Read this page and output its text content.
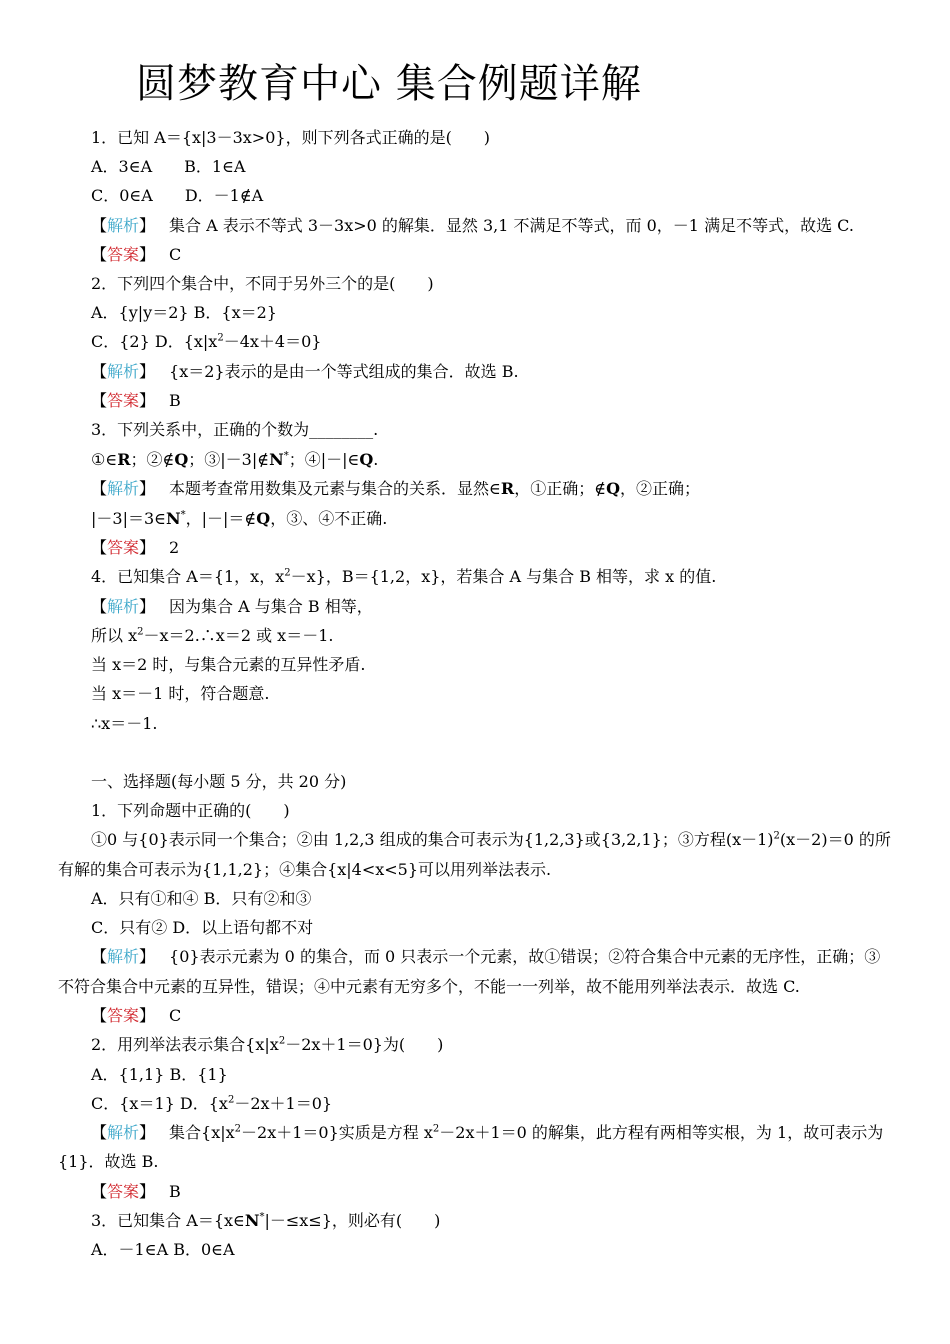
圆梦教育中心 集合例题详解
1．已知 A＝{x|3－3x>0}，则下列各式正确的是(　　)
A．3∈A　　B．1∈A
C．0∈A　　D．－1∉A
【解析】 集合 A 表示不等式 3－3x>0 的解集．显然 3,1 不满足不等式，而 0，－1 满足不等式，故选 C.
【答案】 C
2．下列四个集合中，不同于另外三个的是(　　)
A．{y|y＝2} B．{x＝2}
C．{2} D．$\{x|x^2-4x+4=0\}$
【解析】 {x＝2}表示的是由一个等式组成的集合．故选 B.
【答案】 B
3．下列关系中，正确的个数为________.
①∈R；②∉Q；③|－3|∉N*；④|－|∈Q.
【解析】 本题考查常用数集及元素与集合的关系．显然∈R，①正确；∉Q，②正确；
|－3|＝3∈N*，|－|＝∉Q，③、④不正确.
【答案】 2
4．已知集合 A＝{1，x，$x^2-x$}，B＝{1,2，x}，若集合 A 与集合 B 相等，求 x 的值.
【解析】 因为集合 A 与集合 B 相等，
所以 $x^2-x=2.\therefore x=2$ 或 x＝－1.
当 x＝2 时，与集合元素的互异性矛盾.
当 x＝－1 时，符合题意.
∴x＝－1.
一、选择题(每小题 5 分，共 20 分)
1．下列命题中正确的(　　)
①0 与{0}表示同一个集合；②由 1,2,3 组成的集合可表示为{1,2,3}或{3,2,1}；③方程$(x-1)^2(x-2)=0$ 的所
有解的集合可表示为{1,1,2}；④集合{x|4<x<5}可以用列举法表示.
A．只有①和④ B．只有②和③
C．只有② D．以上语句都不对
【解析】 {0}表示元素为 0 的集合，而 0 只表示一个元素，故①错误；②符合集合中元素的无序性，正确；③
不符合集合中元素的互异性，错误；④中元素有无穷多个，不能一一列举，故不能用列举法表示．故选 C.
【答案】 C
2．用列举法表示集合$\{x|x^2-2x+1=0\}$为(　　)
A．{1,1} B．{1}
C．{x＝1} D．$\{x^2-2x+1=0\}$
【解析】 集合$\{x|x^2-2x+1=0\}$实质是方程 $x^2-2x+1=0$ 的解集，此方程有两相等实根，为 1，故可表示为
{1}．故选 B.
【答案】 B
3．已知集合 A＝{x∈N*|－≤x≤}，则必有(　　)
A．－1∈A B．0∈A
